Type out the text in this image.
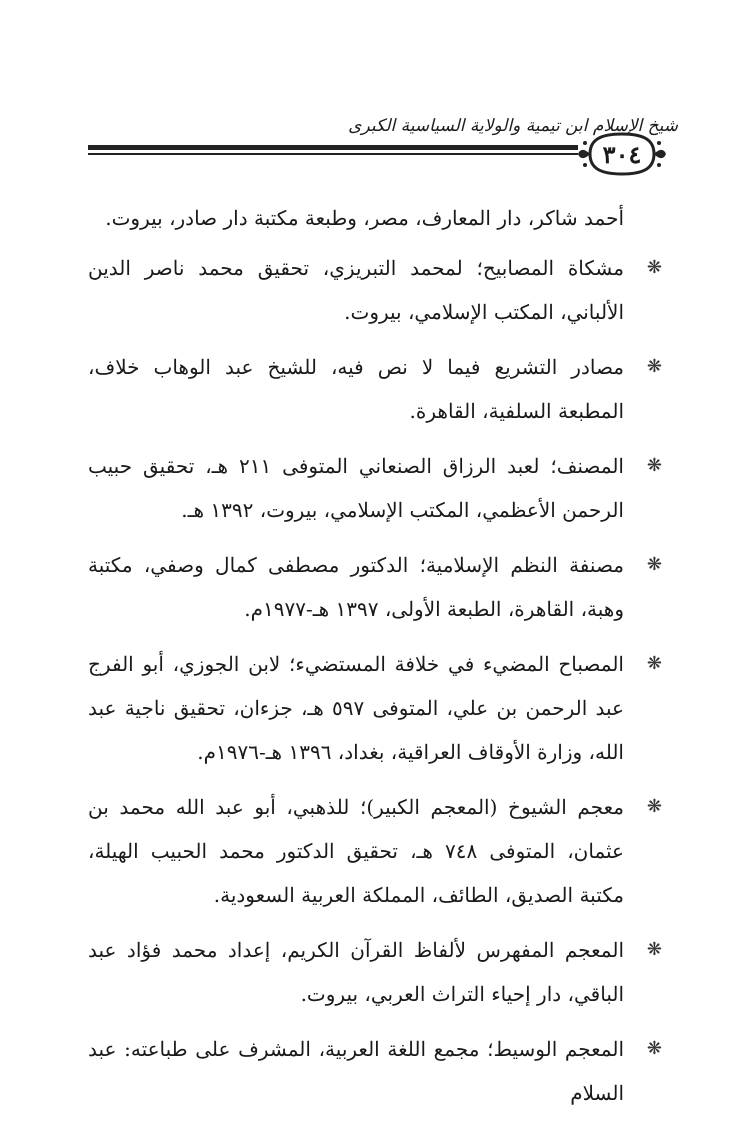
شيخ الإسلام ابن تيمية والولاية السياسية الكبرى
٣٠٤

أحمد شاكر، دار المعارف، مصر، وطبعة مكتبة دار صادر، بيروت.

❋
مشكاة المصابيح؛ لمحمد التبريزي، تحقيق محمد ناصر الدين الألباني، المكتب الإسلامي، بيروت.
❋
مصادر التشريع فيما لا نص فيه، للشيخ عبد الوهاب خلاف، المطبعة السلفية، القاهرة.
❋
المصنف؛ لعبد الرزاق الصنعاني المتوفى ٢١١ هـ، تحقيق حبيب الرحمن الأعظمي، المكتب الإسلامي، بيروت، ١٣٩٢ هـ.
❋
مصنفة النظم الإسلامية؛ الدكتور مصطفى كمال وصفي، مكتبة وهبة، القاهرة، الطبعة الأولى، ١٣٩٧ هـ-١٩٧٧م.
❋
المصباح المضيء في خلافة المستضيء؛ لابن الجوزي، أبو الفرج عبد الرحمن بن علي، المتوفى ٥٩٧ هـ، جزءان، تحقيق ناجية عبد الله، وزارة الأوقاف العراقية، بغداد، ١٣٩٦ هـ-١٩٧٦م.
❋
معجم الشيوخ (المعجم الكبير)؛ للذهبي، أبو عبد الله محمد بن عثمان، المتوفى ٧٤٨ هـ، تحقيق الدكتور محمد الحبيب الهيلة، مكتبة الصديق، الطائف، المملكة العربية السعودية.
❋
المعجم المفهرس لألفاظ القرآن الكريم، إعداد محمد فؤاد عبد الباقي، دار إحياء التراث العربي، بيروت.
❋
المعجم الوسيط؛ مجمع اللغة العربية، المشرف على طباعته: عبد السلام
